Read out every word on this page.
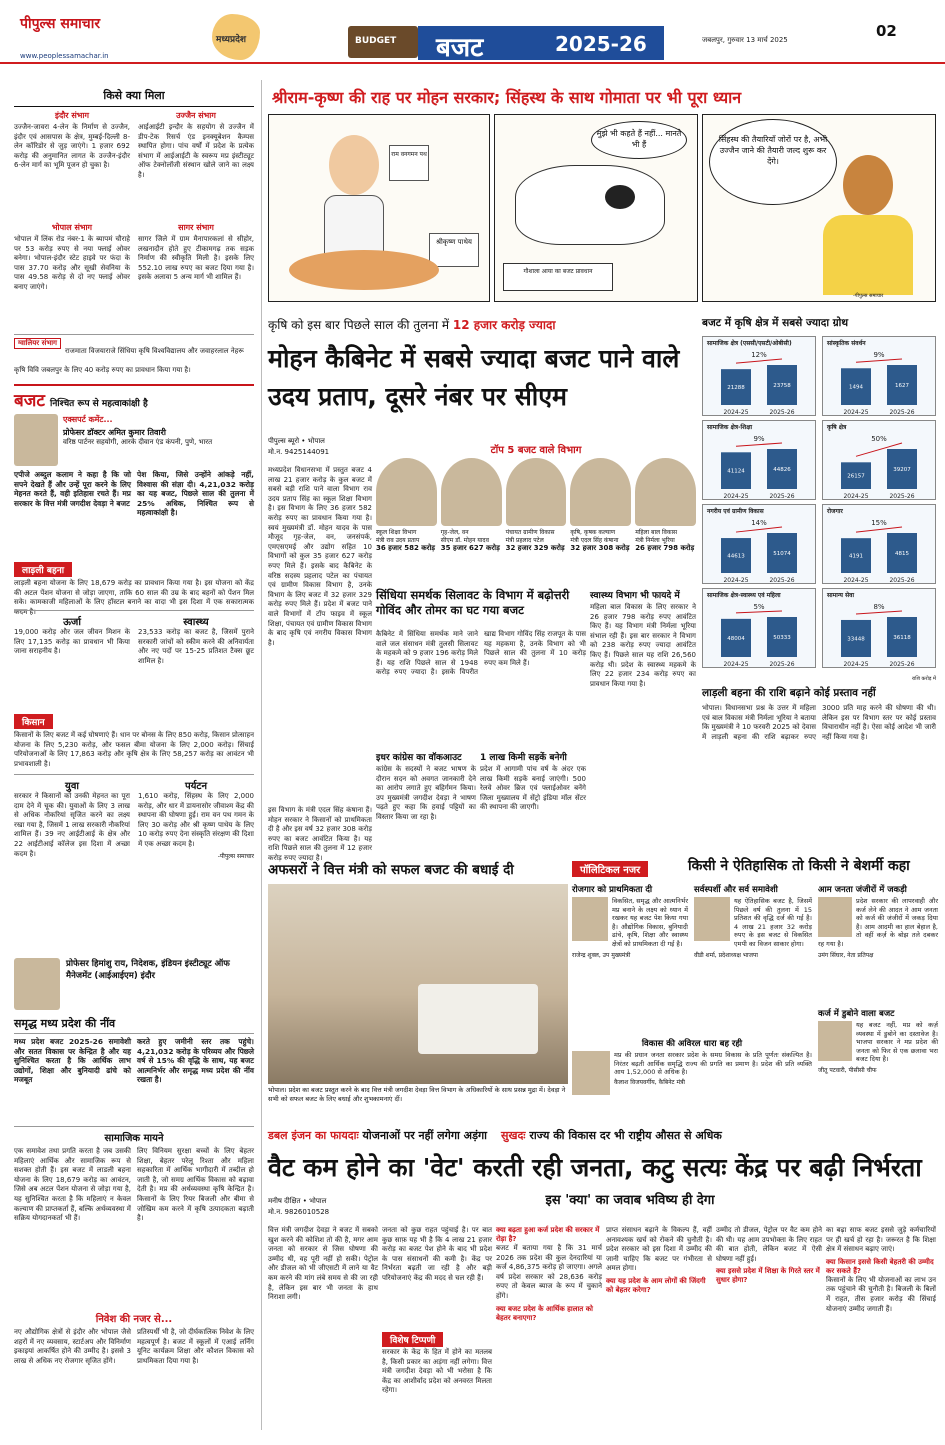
पीपुल्स समाचार
www.peoplessamachar.in
मध्यप्रदेश	BUDGET बजट	2025-26	जबलपुर, गुरुवार 13 मार्च 2025	02
किसे क्या मिला
इंदौर संभाग
उज्जैन-जावरा 4-लेन के निर्माण से उज्जैन, इंदौर एवं आसपास के क्षेत्र, मुम्बई-दिल्ली 8-लेन कॉरिडोर से जुड़ जाएंगे। 1 हजार 692 करोड़ की अनुमानित लागत के उज्जैन-इंदौर 6-लेन मार्ग का भूमि पूजन हो चुका है।
उज्जैन संभाग
आईआईटी इन्दौर के सहयोग से उज्जैन में डीप-टेक रिसर्च एंड इनक्यूबेशन कैम्पस स्थापित होगा। पांच वर्षों में प्रदेश के प्रत्येक संभाग में आईआईटी के स्वरूप मप्र इंस्टीट्यूट ऑफ टेक्नोलॉजी संस्थान खोले जाने का लक्ष्य है।
भोपाल संभाग
भोपाल में लिंक रोड नंबर-1 के ब्यापमं चौराहे पर 53 करोड़ रुपए से नया फ्लाई ओवर बनेगा। भोपाल-इंदौर स्टेट हाइवे पर फंदा के पास 37.70 करोड़ और सूखी सेवनिया के पास 49.58 करोड़ से दो नए फ्लाई ओवर बनाए जाएंगे।
सागर संभाग
सागर जिले में ग्राम मैनापारकलां से सीहोर, लखनादौन होते हुए टीकामगढ़ तक सड़क निर्माण की स्वीकृति मिली है। इसके लिए 552.10 लाख रुपए का बजट दिया गया है। इसके अलावा 5 अन्य मार्ग भी शामिल हैं।
ग्वालियर संभाग
राजमाता विजयाराजे सिंधिया कृषि विश्वविद्यालय और जवाहरलाल नेहरू कृषि विवि जबलपुर के लिए 40 करोड़ रुपए का प्रावधान किया गया है।
बजट निश्चित रूप से महत्वाकांक्षी है
एक्सपर्ट कमेंट...
प्रोफेसर डॉक्टर अमित कुमार तिवारी
वरिष्ठ पार्टनर सहयोगी, आरके दीवान एंड कंपनी, पुणे, भारत
एपीजे अब्दुल कलाम ने कहा है कि जो सपने देखते हैं और उन्हें पूरा करने के लिए मेहनत करते हैं, वही इतिहास रचते हैं। मप्र सरकार के वित्त मंत्री जगदीश देवड़ा ने बजट
पेश किया, जिसे उन्होंने आंकड़े नहीं, विश्वास की संज्ञा दी। 4,21,032 करोड़ का यह बजट, पिछले साल की तुलना में 25% अधिक, निश्चित रूप से महत्वाकांक्षी है।
लाड़ली बहना
लाड़ली बहना योजना के लिए 18,679 करोड़ का प्रावधान किया गया है। इस योजना को केंद्र की अटल पेंशन योजना से जोड़ा जाएगा, ताकि 60 साल की उम्र के बाद बहनों को पेंशन मिल सके। कामकाजी महिलाओं के लिए हॉस्टल बनाने का वादा भी इस दिशा में एक सकारात्मक कदम है।
ऊर्जा
19,000 करोड़ और जल जीवन मिशन के लिए 17,135 करोड़ का प्रावधान भी किया जाना सराहनीय है।
स्वास्थ्य
23,533 करोड़ का बजट है, जिसमें पुराने सरकारी जांचों को स्कीम करने की अनिवार्यता और नए पदों पर 15-25 प्रतिशत टैक्स छूट शामिल है।
किसान
किसानों के लिए बजट में कई घोषणाएं हैं। धान पर बोनस के लिए 850 करोड़, किसान प्रोत्साहन योजना के लिए 5,230 करोड़, और फसल बीमा योजना के लिए 2,000 करोड़। सिंचाई परियोजनाओं के लिए 17,863 करोड़ और कृषि क्षेत्र के लिए 58,257 करोड़ का आवंटन भी प्रभावशाली है।
युवा
सरकार ने किसानों को उनकी मेहनत का पूरा दाम देने में चूक की। युवाओं के लिए 3 लाख से अधिक नौकरियां सृजित करने का लक्ष्य रखा गया है, जिसमें 1 लाख सरकारी नौकरियां शामिल हैं। 39 नए आईटीआई के क्षेत्र और 22 आईटीआई कॉलेज इस दिशा में अच्छा कदम है।
पर्यटन
1,610 करोड़, सिंहस्थ के लिए 2,000 करोड़, और धार में डायनासोर जीवाश्म केंद्र की स्थापना की घोषणा हुई। राम वन पथ गमन के लिए 30 करोड़ और श्री कृष्ण पाथेय के लिए 10 करोड़ रुपए देना संस्कृति संरक्षण की दिशा में एक अच्छा कदम है।
-पीपुल्स समाचार
प्रोफेसर हिमांशु राय, निदेशक, इंडियन इंस्टीट्यूट ऑफ मैनेजमेंट (आईआईएम) इंदौर
समृद्ध मध्य प्रदेश की नींव
मध्य प्रदेश बजट 2025-26 समावेशी और सतत विकास पर केन्द्रित है और यह सुनिश्चित करता है कि आर्थिक लाभ उद्योगों, शिक्षा और बुनियादी ढांचे को मजबूत
करते हुए जमीनी स्तर तक पहुंचे। 4,21,032 करोड़ के परिव्यय और पिछले वर्ष से 15% की वृद्धि के साथ, यह बजट आत्मनिर्भर और समृद्ध मध्य प्रदेश की नींव रखता है।
सामाजिक मायने
एक समावेश तथा प्रगति करता है जब उसकी महिलाएं आर्थिक और सामाजिक रूप से सशक्त होती हैं। इस बजट में लाडली बहना योजना के लिए 18,679 करोड़ का आवंटन, जिसे अब अटल पेंशन योजना से जोड़ा गया है, यह सुनिश्चित करता है कि महिलाएं न केवल कल्याण की प्राप्तकर्ता हैं, बल्कि अर्थव्यवस्था में सक्रिय योगदानकर्ता भी हैं।
लिए विनियम सुरक्षा बच्चों के लिए बेहतर शिक्षा, बेहतर परेलू रिश्ता और महिला सहकारिता में आर्थिक भागीदारी में तब्दील हो जाती है, जो समग्र आर्थिक विकास को बढ़ावा देती है। मप्र की अर्थव्यवस्था कृषि केन्द्रित है। किसानों के लिए रियर बिजली और बीमा से जोखिम कम करने में कृषि उत्पादकता बढ़ाती है।
निवेश की नजर से...
नए औद्योगिक क्षेत्रों से इंदौर और भोपाल जैसे शहरों में नए व्यवसाय, स्टार्टअप और विनिर्माण इकाइयां आकर्षित होने की उम्मीद है। इससे 3 लाख से अधिक नए रोजगार सृजित होंगे।
प्रतिस्पर्धी भी है, जो दीर्घकालिक निवेश के लिए महत्वपूर्ण है। बजट में स्कूलों में एआई लर्निंग यूनिट कार्यक्रम शिक्षा और कौशल विकास को प्राथमिकता दिया गया है।
श्रीराम-कृष्ण की राह पर मोहन सरकार; सिंहस्थ के साथ गोमाता पर भी पूरा ध्यान
राम वनगमन पथ
श्रीकृष्ण पाथेय
मुझे भी कहते हैं नहीं... मानते भी हैं
गौशाला आया का बजट प्रावधान
सिंहस्थ की तैयारियाँ जोरों पर है, अभी उज्जैन जाने की तैयारी जल्द शुरू कर देंगे।
-पीपुल्स समाचार
कृषि को इस बार पिछले साल की तुलना में 12 हजार करोड़ ज्यादा
मोहन कैबिनेट में सबसे ज्यादा बजट पाने वाले उदय प्रताप, दूसरे नंबर पर सीएम
पीपुल्स ब्यूरो • भोपाल
मो.न. 9425144091
मध्यप्रदेश विधानसभा में प्रस्तुत बजट 4 लाख 21 हजार करोड़ के कुल बजट में सबसे बड़ी राशि पाने वाला विभाग राव उदय प्रताप सिंह का स्कूल शिक्षा विभाग है। इस विभाग के लिए 36 हजार 582 करोड़ रुपए का प्रावधान किया गया है। स्वयं मुख्यमंत्री डॉ. मोहन यादव के पास मौजूद गृह-जेल, वन, जनसंपर्क, एमएसएमई और उद्योग सहित 10 विभागों को कुल 35 हजार 627 करोड़ रुपए मिले हैं। इसके बाद कैबिनेट के वरिष्ठ सदस्य प्रहलाद पटेल का पंचायत एवं ग्रामीण विकास विभाग है, उनके विभाग के लिए बजट में 32 हजार 329 करोड़ रुपए मिले हैं। प्रदेश में बजट पाने वाले विभागों में टॉप फाइव में स्कूल शिक्षा, पंचायत एवं ग्रामीण विकास विभाग के बाद कृषि एवं नगरीय विकास विभाग है।
टॉप 5 बजट वाले विभाग
स्कूल शिक्षा विभाग
मंत्री राव उदय प्रताप
36 हजार 582 करोड़
गृह-जेल, वन
सीएम डॉ. मोहन यादव
35 हजार 627 करोड़
पंचायत ग्रामीण विकास
मंत्री प्रहलाद पटेल
32 हजार 329 करोड़
कृषि, कृषक कल्याण
मंत्री एदल सिंह कंषाना
32 हजार 308 करोड़
महिला बाल विकास
मंत्री निर्मला भूरिया
26 हजार 798 करोड़
सिंधिया समर्थक सिलावट के विभाग में बढ़ोत्तरी गोविंद और तोमर का घट गया बजट
कैबिनेट में सिंधिया समर्थक माने जाने वाले जल संसाधन मंत्री तुलसी सिलावट के महकमे को 9 हजार 196 करोड़ मिले हैं। यह राशि पिछले साल से 1948 करोड़ रुपए ज्यादा है। इसके विपरीत खाद्य विभाग गोविंद सिंह राजपूत के पास यह महकमा है, उनके विभाग को भी पिछले साल की तुलना में 10 करोड़ रुपए कम मिले हैं।
इधर कांग्रेस का वॉकआउट
कांग्रेस के सदस्यों ने बजट भाषण के दौरान सदन को अवगत जानकारी देने का आरोप लगाते हुए बहिर्गमन किया। उप मुख्यमंत्री जगदीश देवड़ा ने भाषण पढ़ते हुए कहा कि हवाई पट्टियों का विस्तार किया जा रहा है।
1 लाख किमी सड़कें बनेगी
प्रदेश में आगामी पांच वर्ष के अंदर एक लाख किमी सड़कें बनाई जाएंगी। 500 रेलवे ओवर ब्रिज एवं फ्लाईओवर बनेंगे जिला मुख्यालय में सेंट्रो इंडिया मॉल सेंटर की स्थापना की जाएगी।
स्वास्थ्य विभाग भी फायदे में
महिला बाल विकास के लिए सरकार ने 26 हजार 798 करोड़ रुपए आवंटित किए हैं। यह विभाग मंत्री निर्मला भूरिया संभाल रही हैं। इस बार सरकार ने विभाग को 238 करोड़ रुपए ज्यादा आवंटित किए हैं। पिछले साल यह राशि 26,560 करोड़ थी। प्रदेश के स्वास्थ्य महकमे के लिए 22 हजार 234 करोड़ रुपए का प्रावधान किया गया है।
इस विभाग के मंत्री एदल सिंह कंषाना हैं। मोहन सरकार ने किसानों को प्राथमिकता दी है और इस वर्ष 32 हजार 308 करोड़ रुपए का बजट आवंटित किया है। यह राशि पिछले साल की तुलना में 12 हजार करोड़ रुपए ज्यादा है।
बजट में कृषि क्षेत्र में सबसे ज्यादा ग्रोथ
सामाजिक क्षेत्र (एससी/एसटी/ओबीसी)
21288
2024-25
23758
2025-26
12%
सांस्कृतिक संवर्धन
1494
2024-25
1627
2025-26
9%
सामाजिक क्षेत्र-शिक्षा
41124
2024-25
44826
2025-26
9%
कृषि क्षेत्र
26157
2024-25
39207
2025-26
50%
नगरीय एवं ग्रामीण विकास
44613
2024-25
51074
2025-26
14%
रोजगार
4191
2024-25
4815
2025-26
15%
सामाजिक क्षेत्र-स्वास्थ्य एवं महिला
48004
2024-25
50333
2025-26
5%
सामान्य सेवा
33448
2024-25
36118
2025-26
8%
राशि करोड़ में
लाड़ली बहना की राशि बढ़ाने कोई प्रस्ताव नहीं
भोपाल। विधानसभा प्रश्न के उत्तर में महिला एवं बाल विकास मंत्री निर्मला भूरिया ने बताया कि मुख्यमंत्री ने 10 फरवरी 2025 को देवास में लाड़ली बहना की राशि बढ़ाकर रुपए 3000 प्रति माह करने की घोषणा की थी। लेकिन इस पर विभाग स्तर पर कोई प्रस्ताव विचाराधीन नहीं है। ऐसा कोई आदेश भी जारी नहीं किया गया है।
अफसरों ने वित्त मंत्री को सफल बजट की बधाई दी
भोपाल। प्रदेश का बजट प्रस्तुत करने के बाद वित्त मंत्री जगदीश देवड़ा वित्त विभाग के अधिकारियों के साथ प्रसन्न मुद्रा में। देवड़ा ने सभी को सफल बजट के लिए बधाई और शुभकामनाएं दीं।
पॉलिटिकल नजर	किसी ने ऐतिहासिक तो किसी ने बेशर्मी कहा
रोजगार को प्राथमिकता दी
विकसित, समृद्ध और आत्मनिर्भर मप्र बनाने के लक्ष्य को ध्यान में रखकर यह बजट पेश किया गया है। औद्योगिक विकास, बुनियादी ढांचे, कृषि, शिक्षा और स्वास्थ्य क्षेत्रों को प्राथमिकता दी गई है।
राजेन्द्र शुक्ल, उप मुख्यमंत्री
सर्वस्पर्शी और सर्व समावेशी
यह ऐतिहासिक बजट है, जिसमें पिछले वर्ष की तुलना में 15 प्रतिशत की वृद्धि दर्ज की गई है। 4 लाख 21 हजार 32 करोड़ रुपए के इस बजट से विकसित एमपी का विजन साकार होगा।
वीडी शर्मा, प्रदेशाध्यक्ष भाजपा
आम जनता जंजीरों में जकड़ी
प्रदेश सरकार की लापरवाही और कर्ज लेने की आदत ने आम जनता को कर्ज की जंजीरों में जकड़ दिया है। आम आदमी का हाल बेहाल है, तो वहीं कर्ज़ के बोझ तले दबकर रह गया है।
उमंग सिंघार, नेता प्रतिपक्ष
कर्ज में डुबोने वाला बजट
यह बजट नहीं, मप्र को कर्ज़ व्यवस्था में डुबोने का दस्तावेज है। भाजपा सरकार ने मप्र प्रदेश की जनता को फिर से एक छलावा भरा बजट दिया है।
जीतू पटवारी, पीसीसी चीफ
विकास की अविरल धारा बह रही
मप्र की प्रधान जनता सरकार प्रदेश के समग्र विकास के प्रति पूर्णतः संकल्पित है। निरंतर बढ़ती आर्थिक समृद्धि राज्य की प्रगति का प्रमाण है। प्रदेश की प्रति व्यक्ति आय 1,52,000 से अधिक है।
कैलाश विजयवर्गीय, कैबिनेट मंत्री
डबल इंजन का फायदाः योजनाओं पर नहीं लगेगा अड़ंगा सुखदः राज्य की विकास दर भी राष्ट्रीय औसत से अधिक
वैट कम होने का 'वेट' करती रही जनता, कटु सत्यः केंद्र पर बढ़ी निर्भरता
इस 'क्या' का जवाब भविष्य ही देगा
मनीष दीक्षित • भोपाल
मो.न. 9826010528
वित्त मंत्री जगदीश देवड़ा ने बजट में सबको खुश करने की कोशिश तो की है, मगर आम जनता को सरकार से जिस घोषणा की उम्मीद थी, वह पूरी नहीं हो सकी। पेट्रोल और डीजल को भी जीएसटी में लाने या वैट कम करने की मांग लंबे समय से की जा रही है, लेकिन इस बार भी जनता के हाथ निराशा लगी।
जनता को कुछ राहत पहुंचाई है। पर बात कुछ साफ़ यह भी है कि 4 लाख 21 हजार करोड़ का बजट पेश होने के बाद भी प्रदेश के पास संसाधनों की कमी है। केंद्र पर निर्भरता बढ़ती जा रही है और बड़ी परियोजनाएं केंद्र की मदद से चल रही हैं।
विशेष टिप्पणी
सरकार के केंद्र के हित में होने का मतलब है, किसी प्रकार का अड़ंगा नहीं लगेगा। वित्त मंत्री जगदीश देवड़ा को भी भरोसा है कि केंद्र का आशीर्वाद प्रदेश को अनवरत मिलता रहेगा।
क्या बढ़ता हुआ कर्ज प्रदेश की सरकार में रोड़ा है?
बजट में बताया गया है कि 31 मार्च 2026 तक प्रदेश की कुल देनदारियां या कर्ज 4,86,375 करोड़ हो जाएगा। अगले वर्ष प्रदेश सरकार को 28,636 करोड़ रुपए तो केवल ब्याज के रूप में चुकाने होंगे।
क्या बजट प्रदेश के आर्थिक हालात को बेहतर बनाएगा?
प्राप्त संसाधन बढ़ाने के विकल्प हैं, वहीं अनावश्यक खर्च को रोकने की चुनौती है। प्रदेश सरकार को इस दिशा में उम्मीद की जानी चाहिए कि बजट पर गंभीरता से अमल होगा।
क्या यह प्रदेश के आम लोगों की जिंदगी को बेहतर करेगा?
उम्मीद तो डीजल, पेट्रोल पर वैट कम होने की थी। यह आम उपभोक्ता के लिए राहत की बात होती, लेकिन बजट में ऐसी घोषणा नहीं हुई।
क्या इससे प्रदेश में शिक्षा के गिरते स्तर में सुधार होगा?
का बढ़ा साफ बजट इससे जुड़े कर्मचारियों पर ही खर्च हो रहा है। जरूरत है कि शिक्षा क्षेत्र में संसाधन बढ़ाए जाएं।
क्या किसान इससे किसी बेहतरी की उम्मीद कर सकते हैं?
किसानों के लिए भी योजनाओं का लाभ उन तक पहुंचाने की चुनौती है। बिजली के बिलों में राहत, तीस हजार करोड़ की सिंचाई योजनाएं उम्मीद जगाती हैं।
